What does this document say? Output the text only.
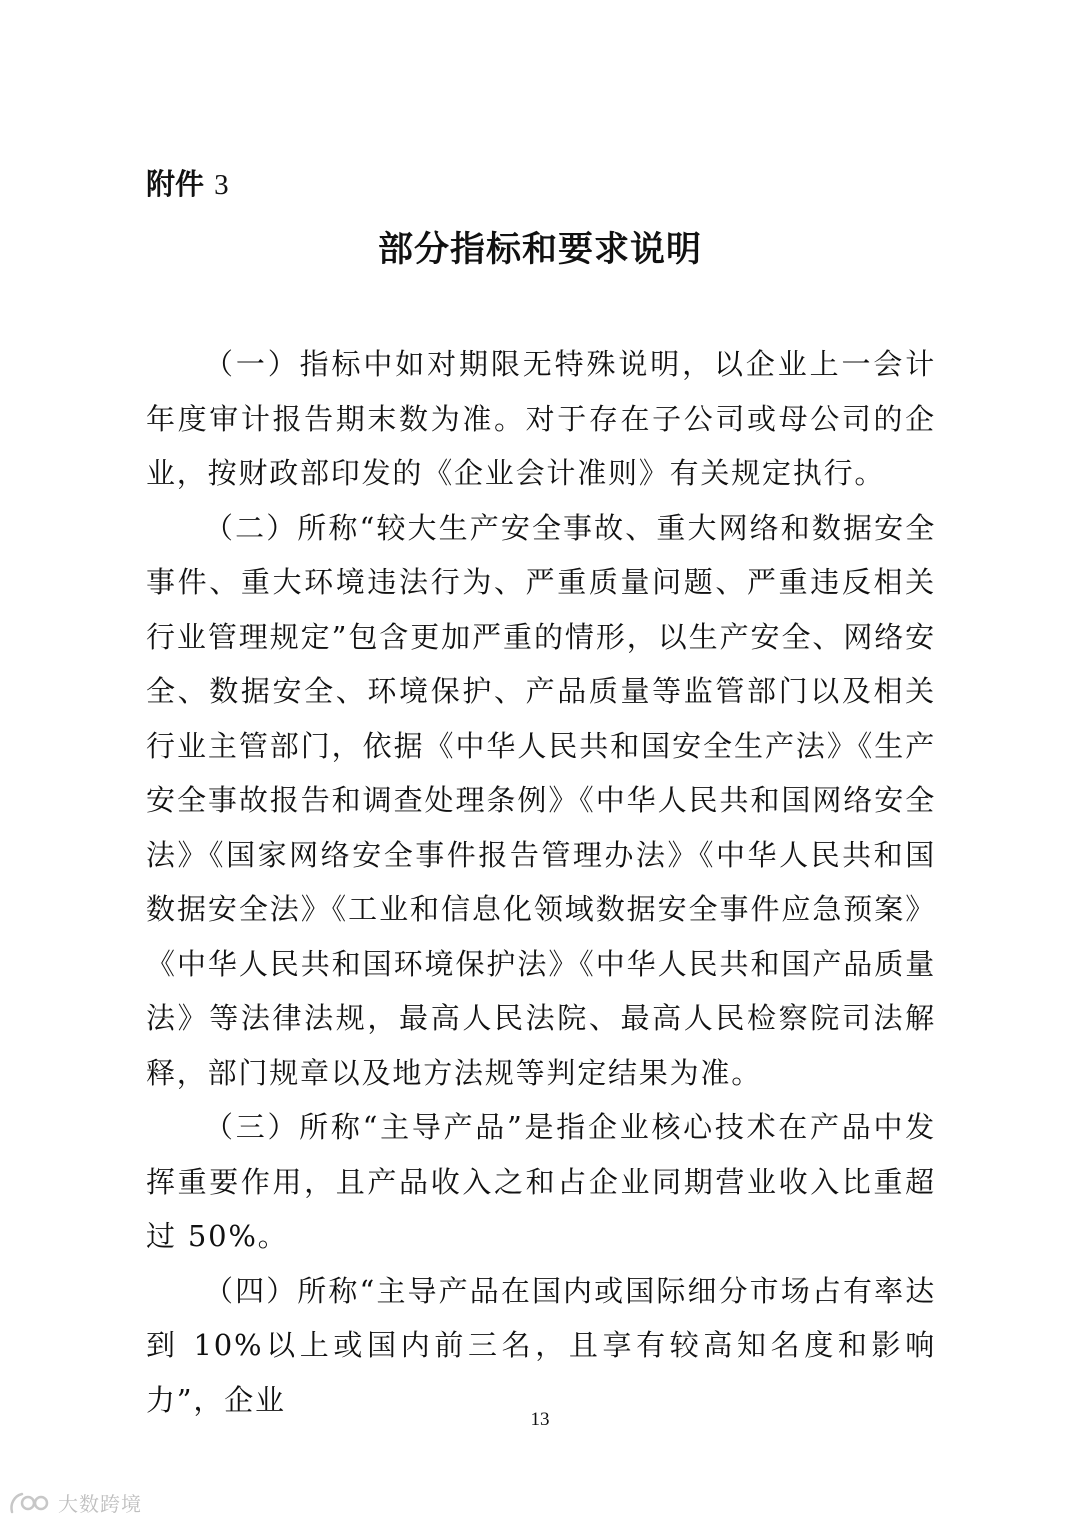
附件 3
部分指标和要求说明

（一）指标中如对期限无特殊说明，以企业上一会计年度审计报告期末数为准。对于存在子公司或母公司的企业，按财政部印发的《企业会计准则》有关规定执行。

（二）所称“较大生产安全事故、重大网络和数据安全事件、重大环境违法行为、严重质量问题、严重违反相关行业管理规定”包含更加严重的情形，以生产安全、网络安全、数据安全、环境保护、产品质量等监管部门以及相关行业主管部门，依据《中华人民共和国安全生产法》《生产安全事故报告和调查处理条例》《中华人民共和国网络安全法》《国家网络安全事件报告管理办法》《中华人民共和国数据安全法》《工业和信息化领域数据安全事件应急预案》《中华人民共和国环境保护法》《中华人民共和国产品质量法》等法律法规，最高人民法院、最高人民检察院司法解释，部门规章以及地方法规等判定结果为准。

（三）所称“主导产品”是指企业核心技术在产品中发挥重要作用，且产品收入之和占企业同期营业收入比重超过 50%。

（四）所称“主导产品在国内或国际细分市场占有率达到 10%以上或国内前三名，且享有较高知名度和影响力”，企业

13
大数跨境
